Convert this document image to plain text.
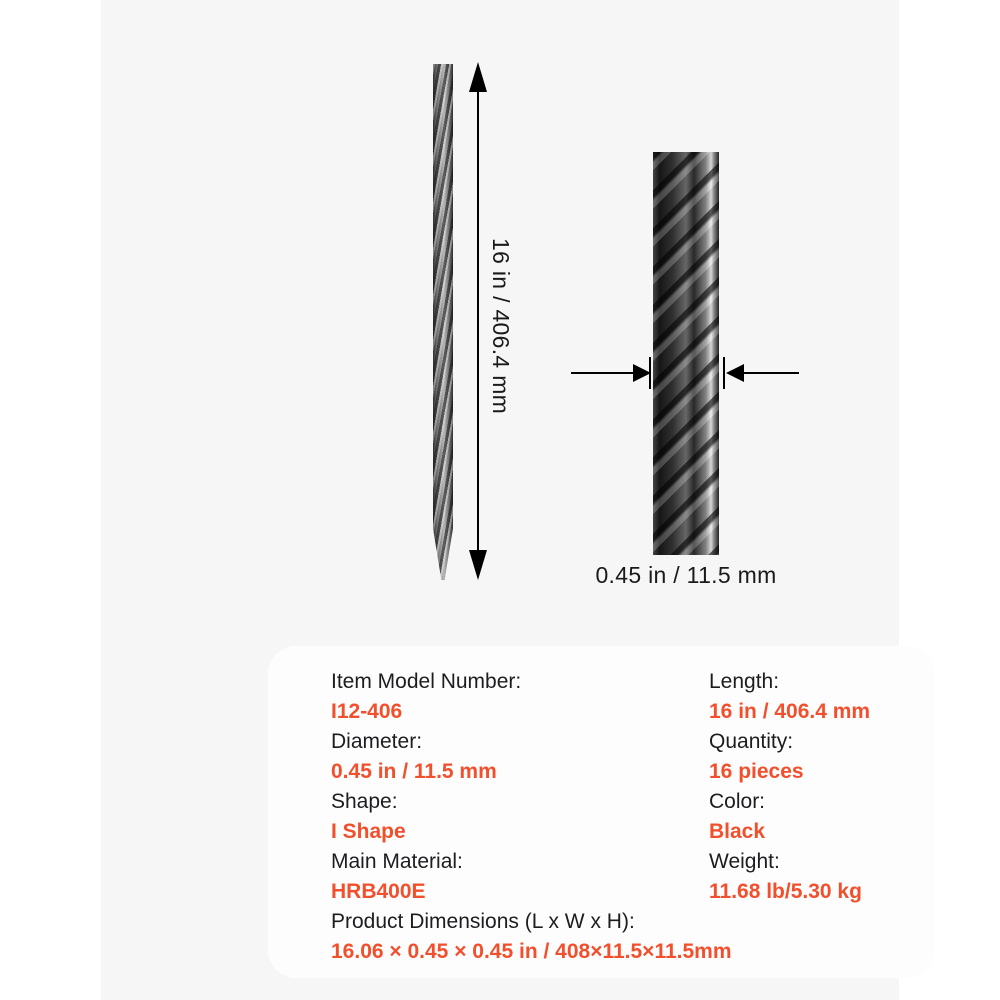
16 in / 406.4 mm
0.45 in / 11.5 mm
Item Model Number:
I12-406
Length:
16 in / 406.4 mm
Diameter:
0.45 in / 11.5 mm
Quantity:
16 pieces
Shape:
I Shape
Color:
Black
Main Material:
HRB400E
Weight:
11.68 lb/5.30 kg
Product Dimensions (L x W x H):
16.06 × 0.45 × 0.45 in / 408×11.5×11.5mm
